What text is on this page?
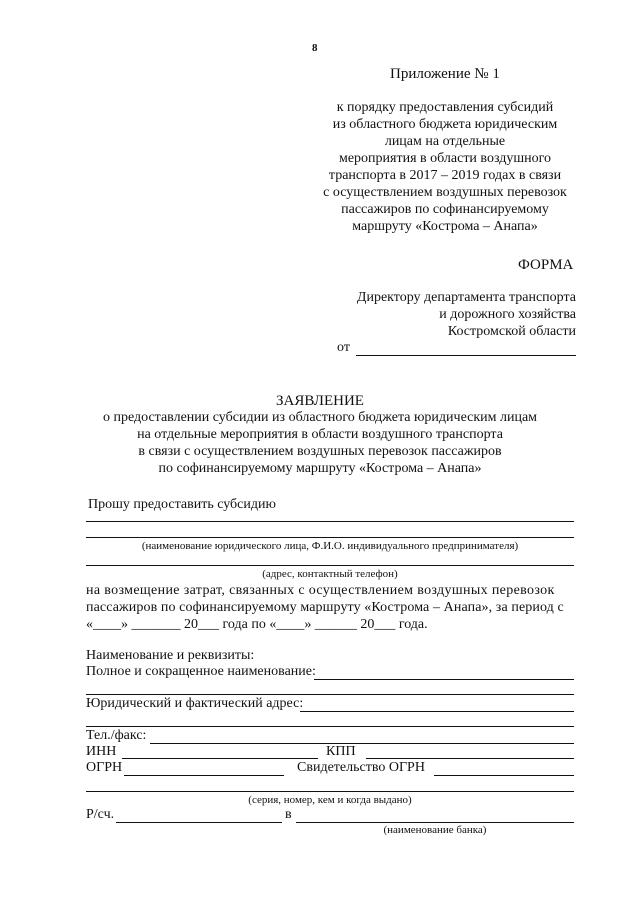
8
Приложение № 1
к порядку предоставления субсидий
из областного бюджета юридическим
лицам на отдельные
мероприятия в области воздушного
транспорта в 2017 – 2019 годах в связи
с осуществлением воздушных перевозок
пассажиров по софинансируемому
маршруту «Кострома – Анапа»
ФОРМА
Директору департамента транспорта
и дорожного хозяйства
Костромской области
от
ЗАЯВЛЕНИЕ
о предоставлении субсидии из областного бюджета юридическим лицам
на отдельные мероприятия в области воздушного транспорта
в связи с осуществлением воздушных перевозок пассажиров
по софинансируемому маршруту «Кострома – Анапа»
Прошу предоставить субсидию
(наименование юридического лица, Ф.И.О. индивидуального предпринимателя)
(адрес, контактный телефон)
на возмещение затрат, связанных с осуществлением воздушных перевозок
пассажиров по софинансируемому маршруту «Кострома – Анапа», за период с
«____» _______ 20___ года по «____» ______ 20___ года.
Наименование и реквизиты:
Полное и сокращенное наименование:
Юридический и фактический адрес:
Тел./факс:
ИНН	КПП
ОГРН	Свидетельство ОГРН
(серия, номер, кем и когда выдано)
Р/сч.	в
(наименование банка)
